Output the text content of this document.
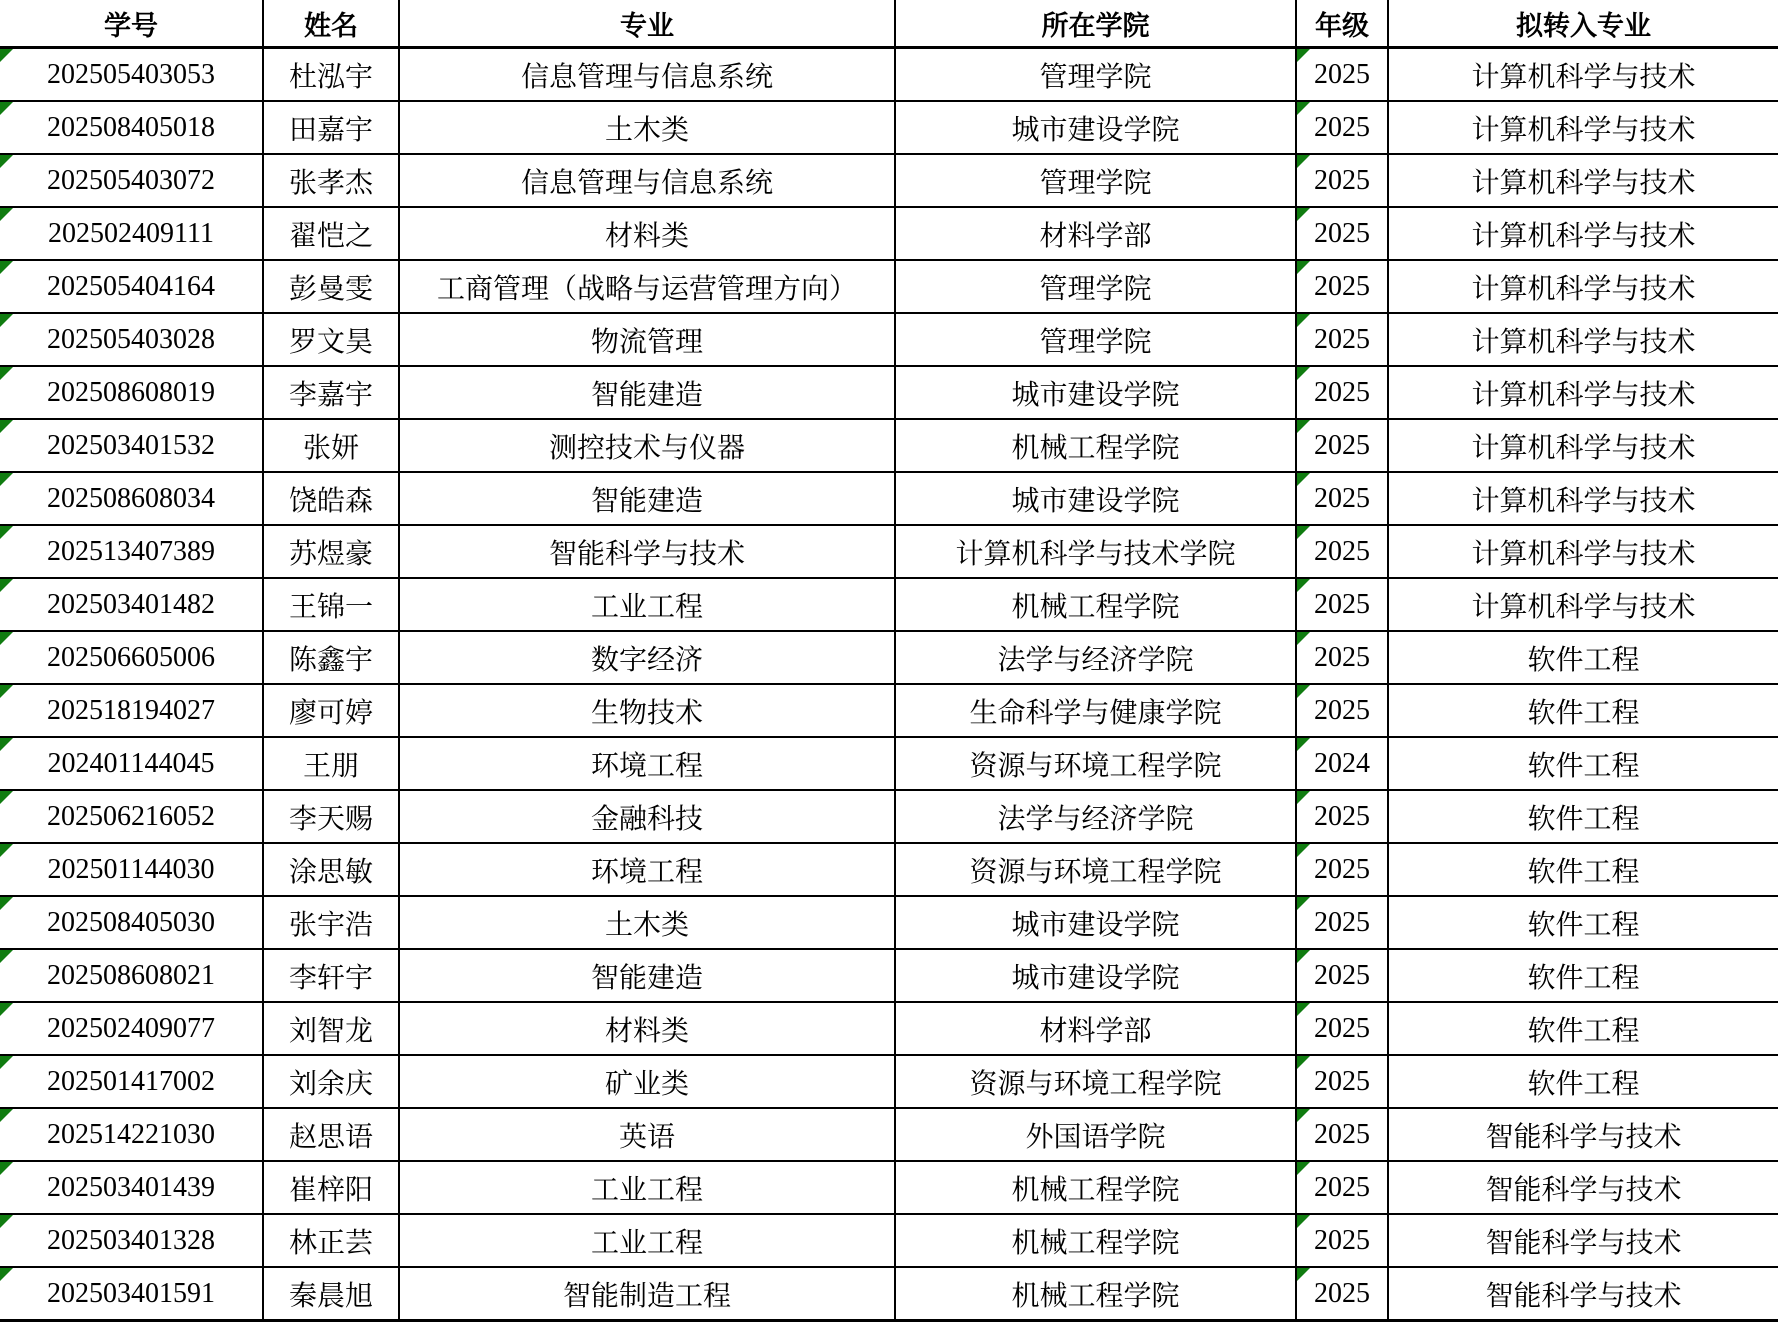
学号	姓名	专业	所在学院	年级	拟转入专业

202505403053	杜泓宇	信息管理与信息系统	管理学院	2025	计算机科学与技术

202508405018	田嘉宇	土木类	城市建设学院	2025	计算机科学与技术

202505403072	张孝杰	信息管理与信息系统	管理学院	2025	计算机科学与技术

202502409111	翟恺之	材料类	材料学部	2025	计算机科学与技术

202505404164	彭曼雯	工商管理（战略与运营管理方向）	管理学院	2025	计算机科学与技术

202505403028	罗文昊	物流管理	管理学院	2025	计算机科学与技术

202508608019	李嘉宇	智能建造	城市建设学院	2025	计算机科学与技术

202503401532	张妍	测控技术与仪器	机械工程学院	2025	计算机科学与技术

202508608034	饶皓森	智能建造	城市建设学院	2025	计算机科学与技术

202513407389	苏煜豪	智能科学与技术	计算机科学与技术学院	2025	计算机科学与技术

202503401482	王锦一	工业工程	机械工程学院	2025	计算机科学与技术

202506605006	陈鑫宇	数字经济	法学与经济学院	2025	软件工程

202518194027	廖可婷	生物技术	生命科学与健康学院	2025	软件工程

202401144045	王朋	环境工程	资源与环境工程学院	2024	软件工程

202506216052	李天赐	金融科技	法学与经济学院	2025	软件工程

202501144030	涂思敏	环境工程	资源与环境工程学院	2025	软件工程

202508405030	张宇浩	土木类	城市建设学院	2025	软件工程

202508608021	李轩宇	智能建造	城市建设学院	2025	软件工程

202502409077	刘智龙	材料类	材料学部	2025	软件工程

202501417002	刘余庆	矿业类	资源与环境工程学院	2025	软件工程

202514221030	赵思语	英语	外国语学院	2025	智能科学与技术

202503401439	崔梓阳	工业工程	机械工程学院	2025	智能科学与技术

202503401328	林正芸	工业工程	机械工程学院	2025	智能科学与技术

202503401591	秦晨旭	智能制造工程	机械工程学院	2025	智能科学与技术
